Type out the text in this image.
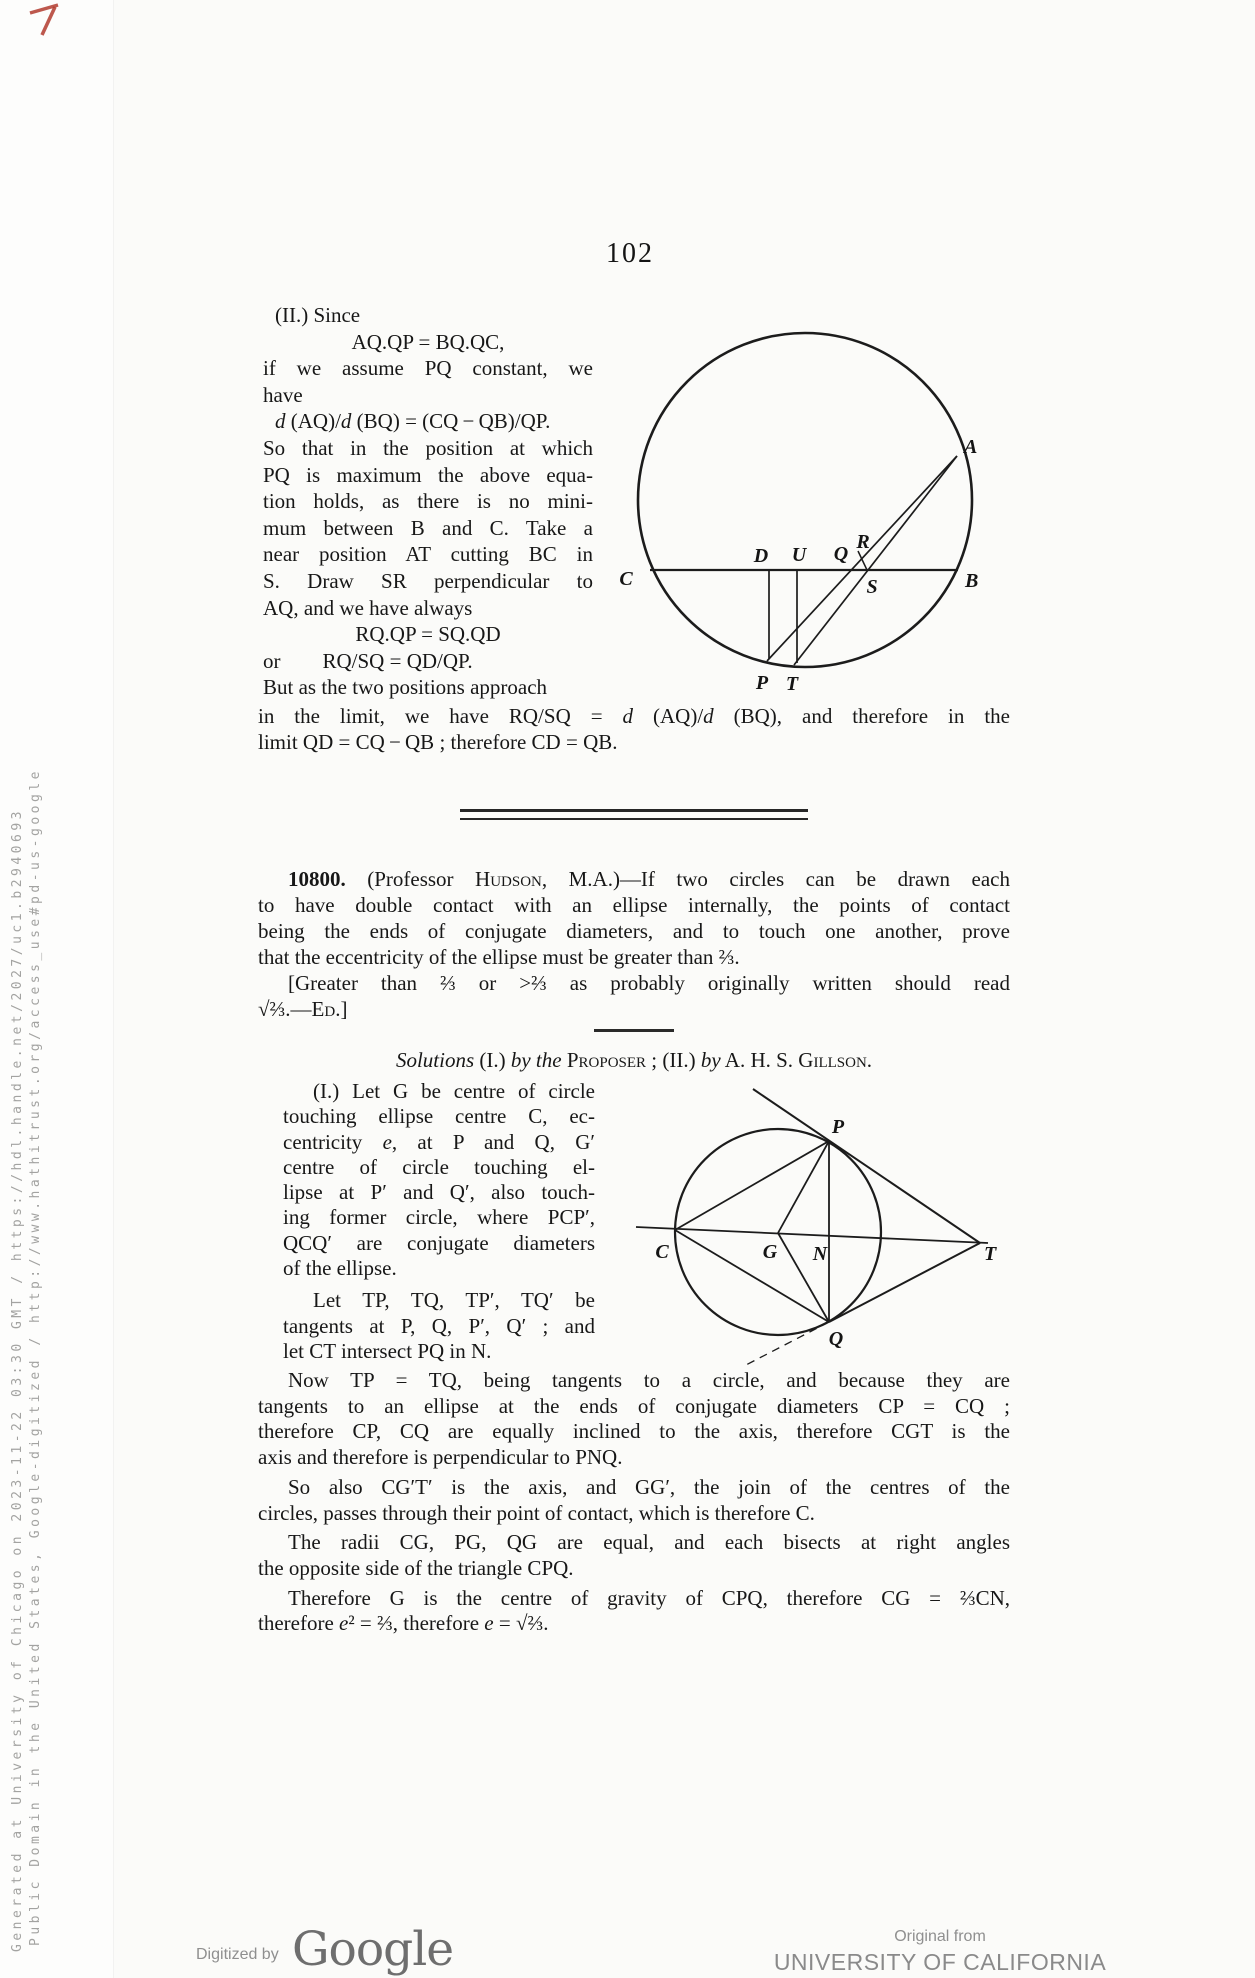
Generated at University of Chicago on 2023-11-22 03:30 GMT / https://hdl.handle.net/2027/uc1.b2940693 Public Domain in the United States, Google-digitized / http://www.hathitrust.org/access_use#pd-us-google
102
(II.) Since
AQ.QP = BQ.QC,
if we assume PQ constant, we
have
d (AQ)/d (BQ) = (CQ − QB)/QP.
So that in the position at which
PQ is maximum the above equa-
tion holds, as there is no mini-
mum between B and C. Take a
near position AT cutting BC in
S. Draw SR perpendicular to
AQ, and we have always
RQ.QP = SQ.QD
or        RQ/SQ = QD/QP.
But as the two positions approach
A
C	B
D U Q
R
S
P T
in the limit, we have RQ/SQ = d (AQ)/d (BQ), and therefore in the
limit QD = CQ − QB ; therefore CD = QB.
10800. (Professor Hudson, M.A.)—If two circles can be drawn each
to have double contact with an ellipse internally, the points of contact
being the ends of conjugate diameters, and to touch one another, prove
that the eccentricity of the ellipse must be greater than ⅔.
[Greater than ⅔ or >⅔ as probably originally written should read
√⅔.—Ed.]
Solutions (I.) by the Proposer ; (II.) by A. H. S. Gillson.
(I.) Let G be centre of circle
touching ellipse centre C, ec-
centricity e, at P and Q, G′
centre of circle touching el-
lipse at P′ and Q′, also touch-
ing former circle, where PCP′,
QCQ′ are conjugate diameters
of the ellipse.
Let TP, TQ, TP′, TQ′ be
tangents at P, Q, P′, Q′ ; and
let CT intersect PQ in N.
P
C	G N	T
Q
Now TP = TQ, being tangents to a circle, and because they are
tangents to an ellipse at the ends of conjugate diameters CP = CQ ;
therefore CP, CQ are equally inclined to the axis, therefore CGT is the
axis and therefore is perpendicular to PNQ.
So also CG′T′ is the axis, and GG′, the join of the centres of the
circles, passes through their point of contact, which is therefore C.
The radii CG, PG, QG are equal, and each bisects at right angles
the opposite side of the triangle CPQ.
Therefore G is the centre of gravity of CPQ, therefore CG = ⅔CN,
therefore e² = ⅔, therefore e = √⅔.
Digitized by Google	Original from
UNIVERSITY OF CALIFORNIA
